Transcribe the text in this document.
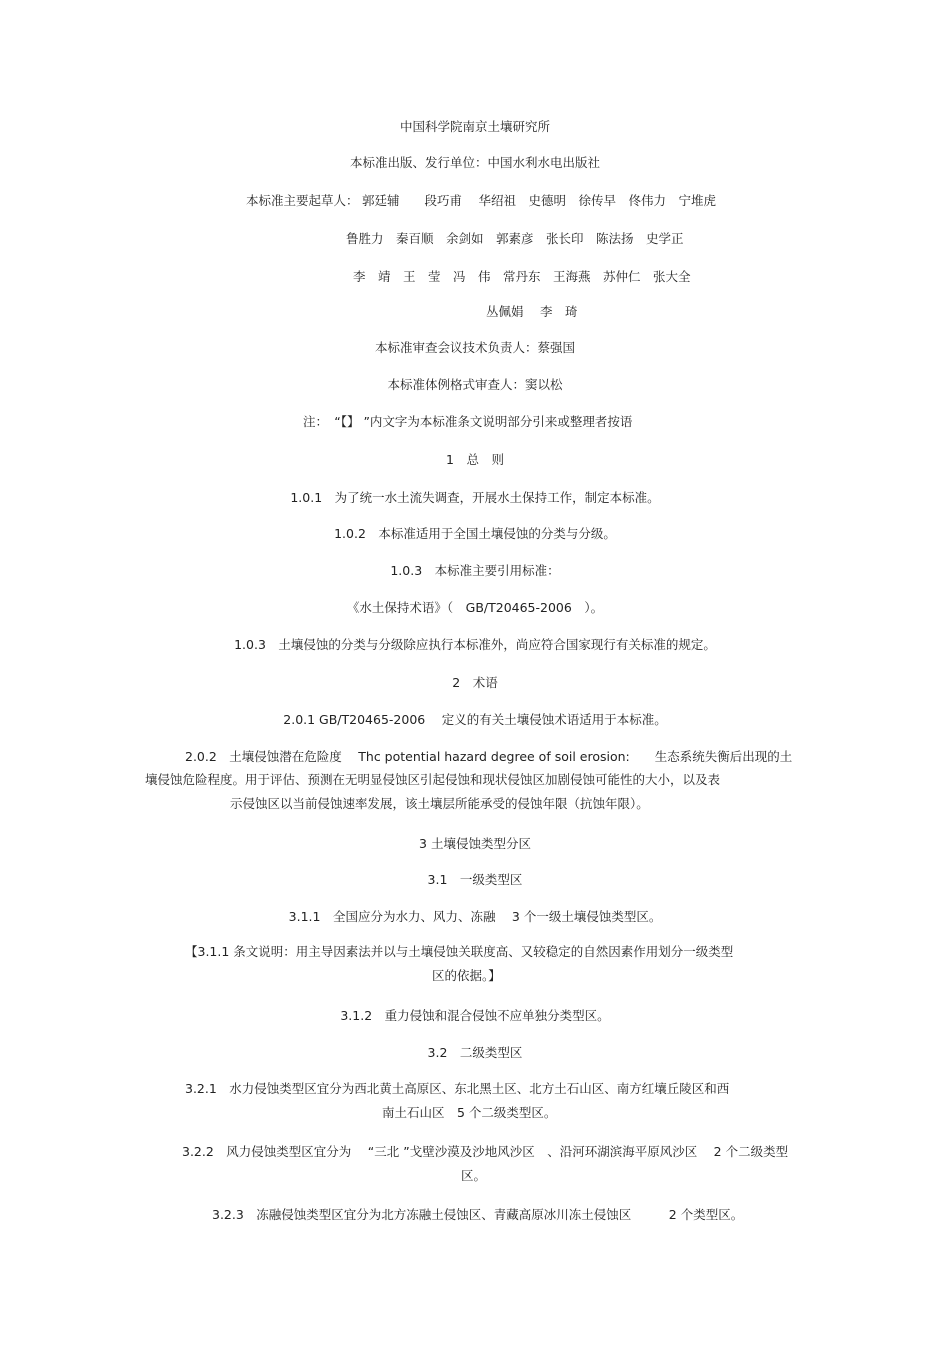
中国科学院南京土壤研究所
本标准出版、发行单位：中国水利水电出版社
本标准主要起草人： 郭廷辅　　段巧甫　 华绍祖　史德明　徐传早　佟伟力　宁堆虎
鲁胜力　秦百顺　余剑如　郭素彦　张长印　陈法扬　史学正
李　靖　王　莹　冯　伟　常丹东　王海燕　苏仲仁　张大全
丛佩娟　 李　琦
本标准审查会议技术负责人：蔡强国
本标准体例格式审查人：窦以松
注：　“【】 ”内文字为本标准条文说明部分引来或整理者按语
1　总　则
1.0.1　为了统一水土流失调查，开展水土保持工作，制定本标准。
1.0.2　本标准适用于全国土壤侵蚀的分类与分级。
1.0.3　本标准主要引用标准：
《水土保持术语》（　GB/T20465-2006　）。
1.0.3　土壤侵蚀的分类与分级除应执行本标准外，尚应符合国家现行有关标准的规定。
2　术语
2.0.1 GB/T20465-2006　 定义的有关土壤侵蚀术语适用于本标准。
2.0.2　土壤侵蚀潜在危险度　 Thc potential hazard degree of soil erosion:　　生态系统失衡后出现的土
壤侵蚀危险程度。用于评估、预测在无明显侵蚀区引起侵蚀和现状侵蚀区加剧侵蚀可能性的大小，以及表
示侵蚀区以当前侵蚀速率发展，该土壤层所能承受的侵蚀年限（抗蚀年限）。
3 土壤侵蚀类型分区
3.1　一级类型区
3.1.1　全国应分为水力、风力、冻融　 3 个一级土壤侵蚀类型区。
【3.1.1 条文说明：用主导因素法并以与土壤侵蚀关联度高、又较稳定的自然因素作用划分一级类型
区的依据。】
3.1.2　重力侵蚀和混合侵蚀不应单独分类型区。
3.2　二级类型区
3.2.1　水力侵蚀类型区宜分为西北黄土高原区、东北黑土区、北方土石山区、南方红壤丘陵区和西
南土石山区　5 个二级类型区。
3.2.2　风力侵蚀类型区宜分为　 “三北 ”戈壁沙漠及沙地风沙区　、沿河环湖滨海平原风沙区　 2 个二级类型
区。
3.2.3　冻融侵蚀类型区宜分为北方冻融土侵蚀区、青藏高原冰川冻土侵蚀区　　　2 个类型区。
